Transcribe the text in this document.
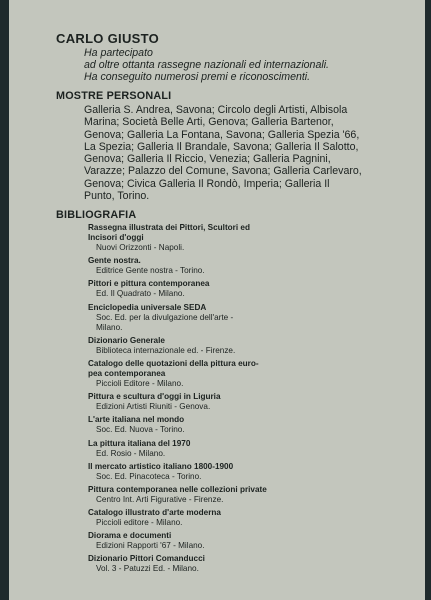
CARLO GIUSTO
Ha partecipato
ad oltre ottanta rassegne nazionali ed internazionali.
Ha conseguito numerosi premi e riconoscimenti.
MOSTRE PERSONALI
Galleria S. Andrea, Savona; Circolo degli Artisti, Albisola
Marina; Società Belle Arti, Genova; Galleria Bartenor,
Genova; Galleria La Fontana, Savona; Galleria Spezia '66,
La Spezia; Galleria Il Brandale, Savona; Galleria Il Salotto,
Genova; Galleria Il Riccio, Venezia; Galleria Pagnini,
Varazze; Palazzo del Comune, Savona; Galleria Carlevaro,
Genova; Civica Galleria Il Rondò, Imperia; Galleria Il
Punto, Torino.
BIBLIOGRAFIA
Rassegna illustrata dei Pittori, Scultori ed
Incisori d'oggi
Nuovi Orizzonti - Napoli.
Gente nostra.
Editrice Gente nostra - Torino.
Pittori e pittura contemporanea
Ed. Il Quadrato - Milano.
Enciclopedia universale SEDA
Soc. Ed. per la divulgazione dell'arte -
Milano.
Dizionario Generale
Biblioteca internazionale ed. - Firenze.
Catalogo delle quotazioni della pittura euro-
pea contemporanea
Piccioli Editore - Milano.
Pittura e scultura d'oggi in Liguria
Edizioni Artisti Riuniti - Genova.
L'arte italiana nel mondo
Soc. Ed. Nuova - Torino.
La pittura italiana del 1970
Ed. Rosio - Milano.
Il mercato artistico italiano 1800-1900
Soc. Ed. Pinacoteca - Torino.
Pittura contemporanea nelle collezioni private
Centro Int. Arti Figurative - Firenze.
Catalogo illustrato d'arte moderna
Piccioli editore - Milano.
Diorama e documenti
Edizioni Rapporti '67 - Milano.
Dizionario Pittori Comanducci
Vol. 3 - Patuzzi Ed. - Milano.
